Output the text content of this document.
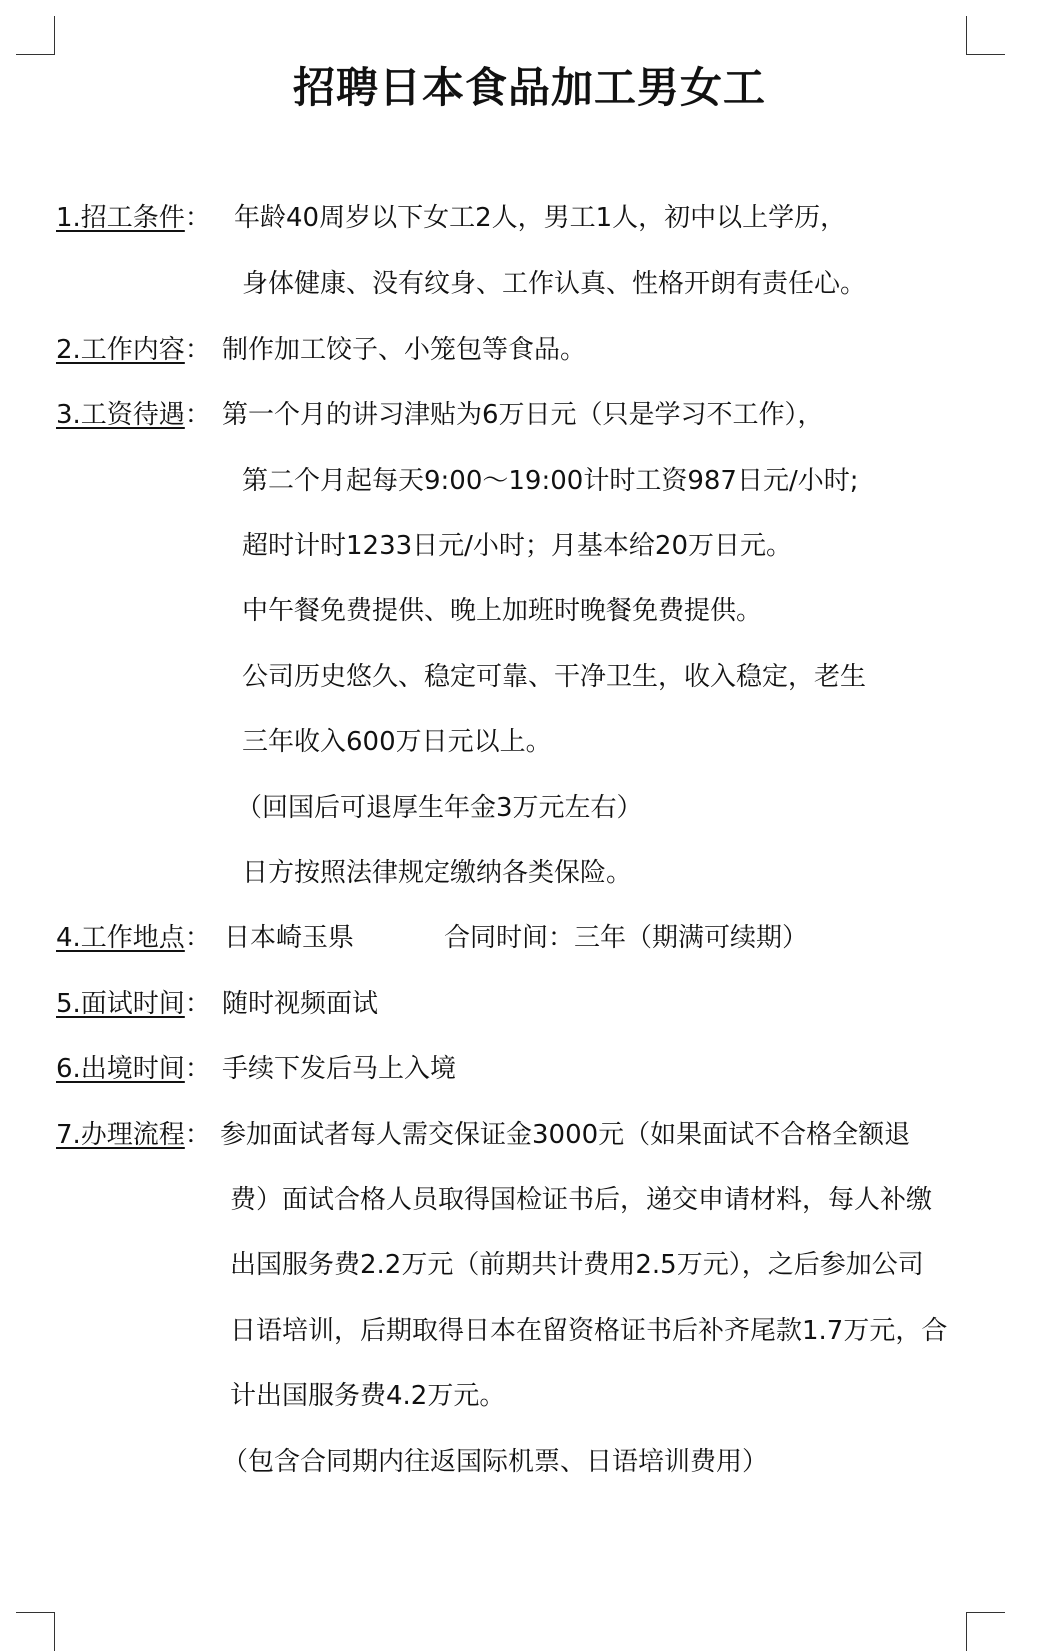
招聘日本食品加工男女工
1.招工条件： 年龄40周岁以下女工2人，男工1人，初中以上学历，
身体健康、没有纹身、工作认真、性格开朗有责任心。
2.工作内容： 制作加工饺子、小笼包等食品。
3.工资待遇： 第一个月的讲习津贴为6万日元（只是学习不工作），
第二个月起每天9:00～19:00计时工资987日元/小时;
超时计时1233日元/小时；月基本给20万日元。
中午餐免费提供、晚上加班时晚餐免费提供。
公司历史悠久、稳定可靠、干净卫生，收入稳定，老生
三年收入600万日元以上。
（回国后可退厚生年金3万元左右）
日方按照法律规定缴纳各类保险。
4.工作地点： 日本崎玉県	合同时间：三年（期满可续期）
5.面试时间： 随时视频面试
6.出境时间： 手续下发后马上入境
7.办理流程： 参加面试者每人需交保证金3000元（如果面试不合格全额退
费）面试合格人员取得国检证书后，递交申请材料，每人补缴
出国服务费2.2万元（前期共计费用2.5万元），之后参加公司
日语培训，后期取得日本在留资格证书后补齐尾款1.7万元，合
计出国服务费4.2万元。
（包含合同期内往返国际机票、日语培训费用）
